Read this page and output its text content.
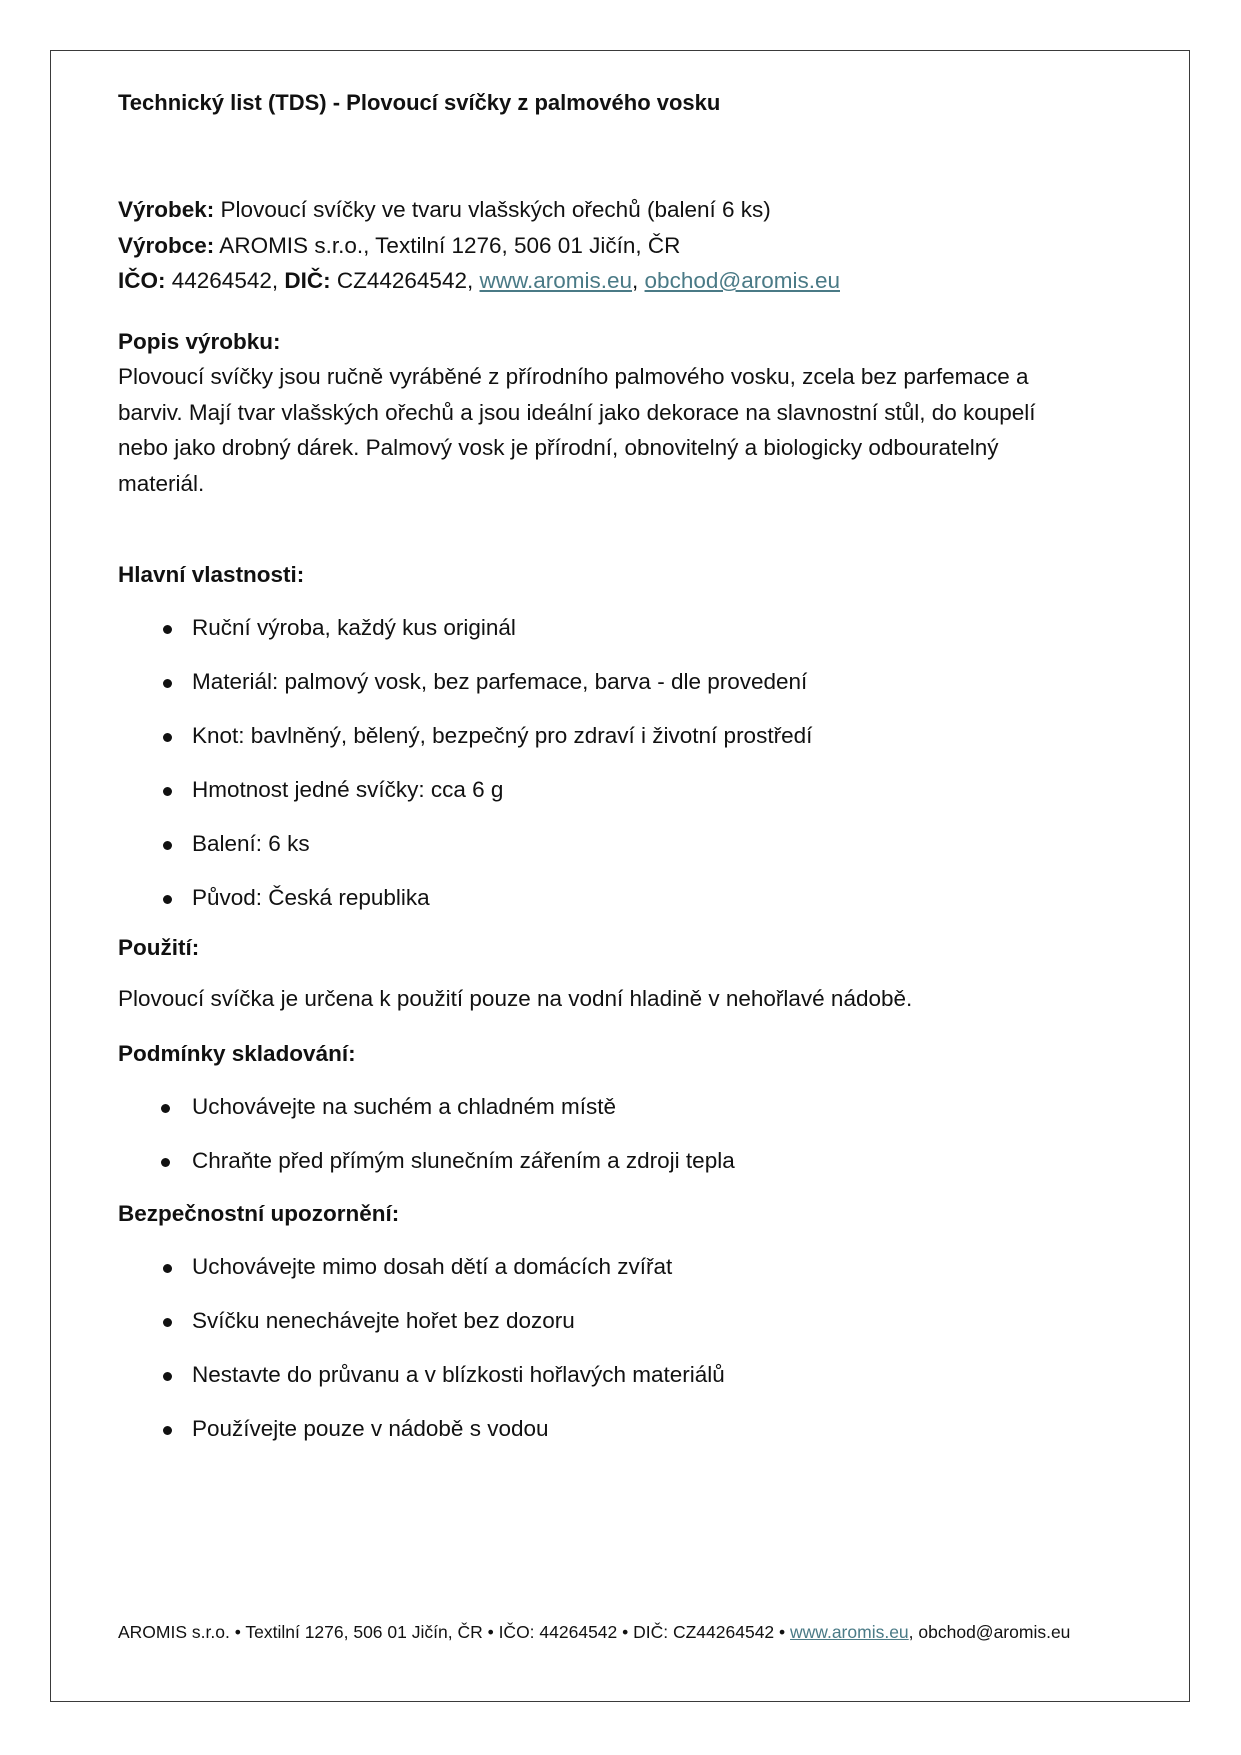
Technický list (TDS) - Plovoucí svíčky z palmového vosku

Výrobek: Plovoucí svíčky ve tvaru vlašských ořechů (balení 6 ks)
Výrobce: AROMIS s.r.o., Textilní 1276, 506 01 Jičín, ČR
IČO: 44264542, DIČ: CZ44264542, www.aromis.eu, obchod@aromis.eu
Popis výrobku:
Plovoucí svíčky jsou ručně vyráběné z přírodního palmového vosku, zcela bez parfemace a
barviv. Mají tvar vlašských ořechů a jsou ideální jako dekorace na slavnostní stůl, do koupelí
nebo jako drobný dárek. Palmový vosk je přírodní, obnovitelný a biologicky odbouratelný
materiál.
Hlavní vlastnosti:
Ruční výroba, každý kus originál
Materiál: palmový vosk, bez parfemace, barva - dle provedení
Knot: bavlněný, bělený, bezpečný pro zdraví i životní prostředí
Hmotnost jedné svíčky: cca 6 g
Balení: 6 ks
Původ: Česká republika
Použití:
Plovoucí svíčka je určena k použití pouze na vodní hladině v nehořlavé nádobě.
Podmínky skladování:
Uchovávejte na suchém a chladném místě
Chraňte před přímým slunečním zářením a zdroji tepla
Bezpečnostní upozornění:
Uchovávejte mimo dosah dětí a domácích zvířat
Svíčku nenechávejte hořet bez dozoru
Nestavte do průvanu a v blízkosti hořlavých materiálů
Používejte pouze v nádobě s vodou
AROMIS s.r.o. • Textilní 1276, 506 01 Jičín, ČR • IČO: 44264542 • DIČ: CZ44264542 • www.aromis.eu, obchod@aromis.eu
